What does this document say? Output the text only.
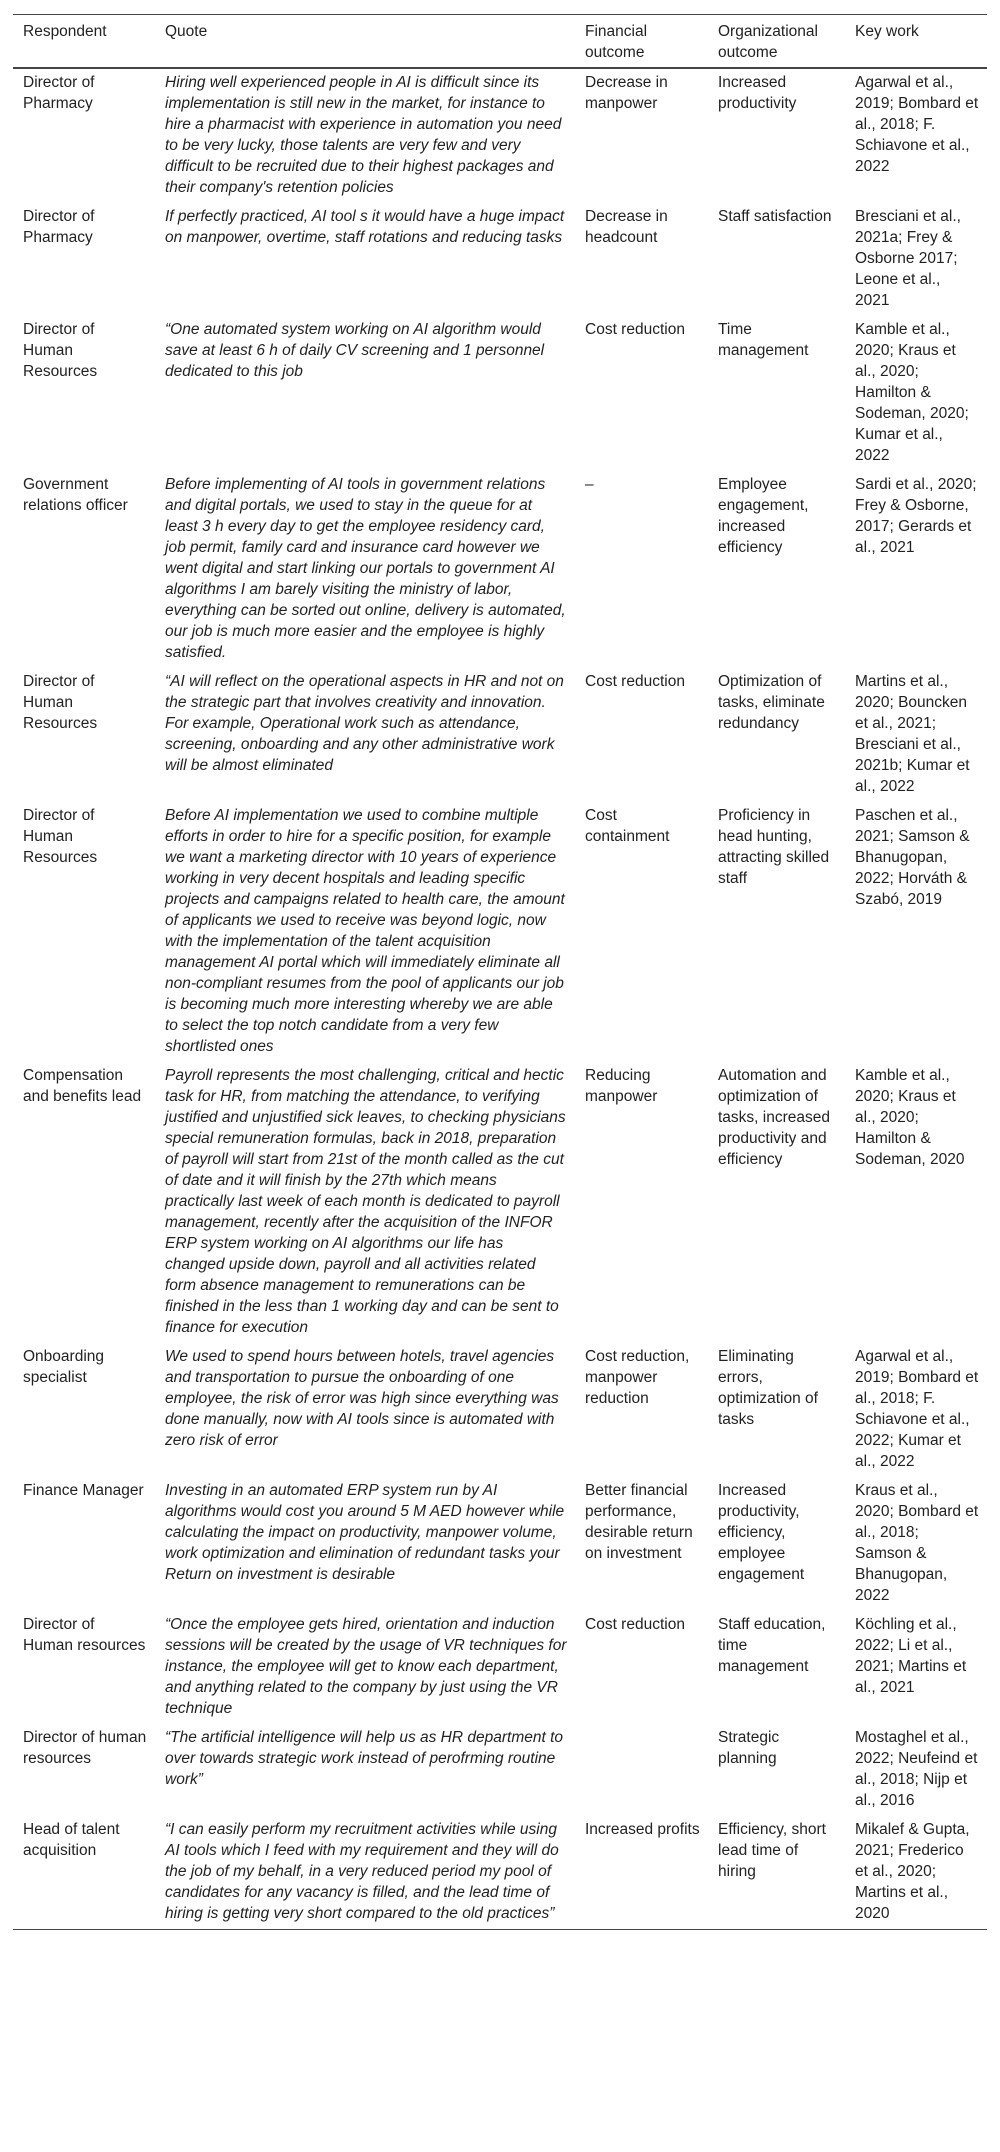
Respondent	Quote	Financial outcome	Organizational outcome	Key work
Director of Pharmacy	Hiring well experienced people in AI is difficult since its implementation is still new in the market, for instance to hire a pharmacist with experience in automation you need to be very lucky, those talents are very few and very difficult to be recruited due to their highest packages and their company's retention policies	Decrease in manpower	Increased productivity	Agarwal et al., 2019; Bombard et al., 2018; F. Schiavone et al., 2022
Director of Pharmacy	If perfectly practiced, AI tool s it would have a huge impact on manpower, overtime, staff rotations and reducing tasks	Decrease in headcount	Staff satisfaction	Bresciani et al., 2021a; Frey & Osborne 2017; Leone et al., 2021
Director of Human Resources	“One automated system working on AI algorithm would save at least 6 h of daily CV screening and 1 personnel dedicated to this job	Cost reduction	Time management	Kamble et al., 2020; Kraus et al., 2020; Hamilton & Sodeman, 2020; Kumar et al., 2022
Government relations officer	Before implementing of AI tools in government relations and digital portals, we used to stay in the queue for at least 3 h every day to get the employee residency card, job permit, family card and insurance card however we went digital and start linking our portals to government AI algorithms I am barely visiting the ministry of labor, everything can be sorted out online, delivery is automated, our job is much more easier and the employee is highly satisfied.	–	Employee engagement, increased efficiency	Sardi et al., 2020; Frey & Osborne, 2017; Gerards et al., 2021
Director of Human Resources	“AI will reflect on the operational aspects in HR and not on the strategic part that involves creativity and innovation. For example, Operational work such as attendance, screening, onboarding and any other administrative work will be almost eliminated	Cost reduction	Optimization of tasks, eliminate redundancy	Martins et al., 2020; Bouncken et al., 2021; Bresciani et al., 2021b; Kumar et al., 2022
Director of Human Resources	Before AI implementation we used to combine multiple efforts in order to hire for a specific position, for example we want a marketing director with 10 years of experience working in very decent hospitals and leading specific projects and campaigns related to health care, the amount of applicants we used to receive was beyond logic, now with the implementation of the talent acquisition management AI portal which will immediately eliminate all non-compliant resumes from the pool of applicants our job is becoming much more interesting whereby we are able to select the top notch candidate from a very few shortlisted ones	Cost containment	Proficiency in head hunting, attracting skilled staff	Paschen et al., 2021; Samson & Bhanugopan, 2022; Horváth & Szabó, 2019
Compensation and benefits lead	Payroll represents the most challenging, critical and hectic task for HR, from matching the attendance, to verifying justified and unjustified sick leaves, to checking physicians special remuneration formulas, back in 2018, preparation of payroll will start from 21st of the month called as the cut of date and it will finish by the 27th which means practically last week of each month is dedicated to payroll management, recently after the acquisition of the INFOR ERP system working on AI algorithms our life has changed upside down, payroll and all activities related form absence management to remunerations can be finished in the less than 1 working day and can be sent to finance for execution	Reducing manpower	Automation and optimization of tasks, increased productivity and efficiency	Kamble et al., 2020; Kraus et al., 2020; Hamilton & Sodeman, 2020
Onboarding specialist	We used to spend hours between hotels, travel agencies and transportation to pursue the onboarding of one employee, the risk of error was high since everything was done manually, now with AI tools since is automated with zero risk of error	Cost reduction, manpower reduction	Eliminating errors, optimization of tasks	Agarwal et al., 2019; Bombard et al., 2018; F. Schiavone et al., 2022; Kumar et al., 2022
Finance Manager	Investing in an automated ERP system run by AI algorithms would cost you around 5 M AED however while calculating the impact on productivity, manpower volume, work optimization and elimination of redundant tasks your Return on investment is desirable	Better financial performance, desirable return on investment	Increased productivity, efficiency, employee engagement	Kraus et al., 2020; Bombard et al., 2018; Samson & Bhanugopan, 2022
Director of Human resources	“Once the employee gets hired, orientation and induction sessions will be created by the usage of VR techniques for instance, the employee will get to know each department, and anything related to the company by just using the VR technique	Cost reduction	Staff education, time management	Köchling et al., 2022; Li et al., 2021; Martins et al., 2021
Director of human resources	“The artificial intelligence will help us as HR department to over towards strategic work instead of perofrming routine work”		Strategic planning	Mostaghel et al., 2022; Neufeind et al., 2018; Nijp et al., 2016
Head of talent acquisition	“I can easily perform my recruitment activities while using AI tools which I feed with my requirement and they will do the job of my behalf, in a very reduced period my pool of candidates for any vacancy is filled, and the lead time of hiring is getting very short compared to the old practices”	Increased profits	Efficiency, short lead time of hiring	Mikalef & Gupta, 2021; Frederico et al., 2020; Martins et al., 2020
